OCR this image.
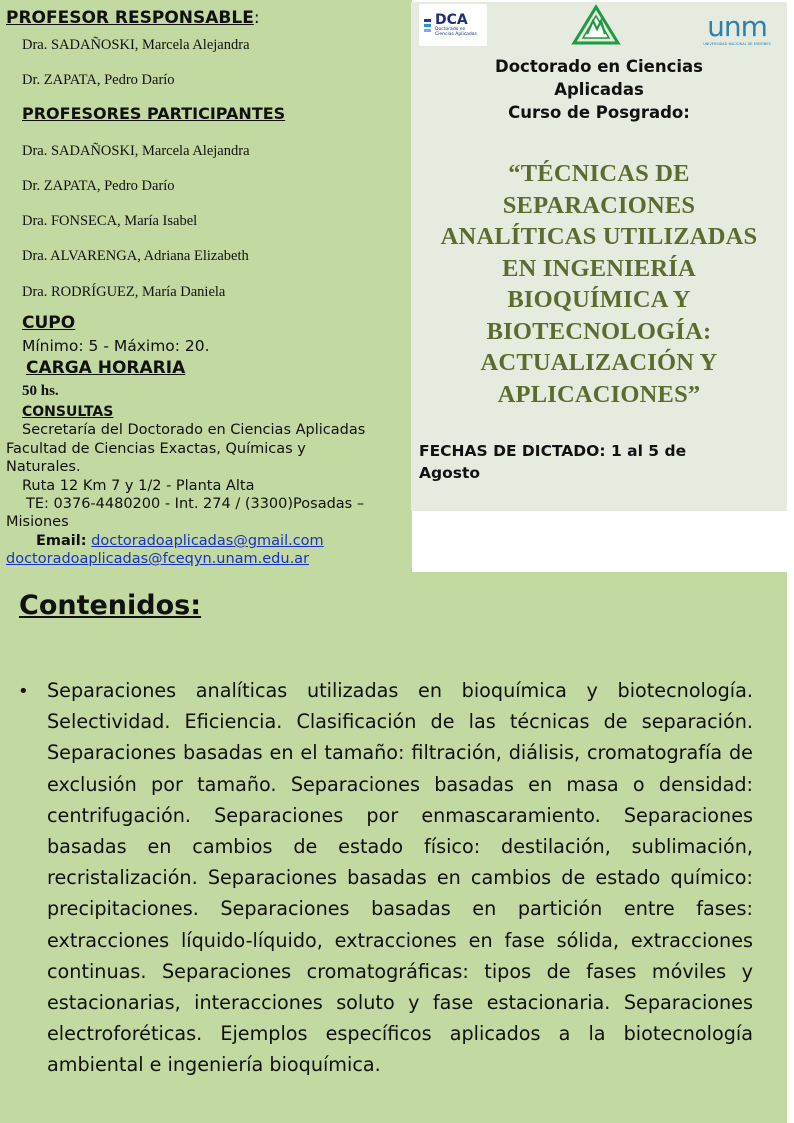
PROFESOR RESPONSABLE:

Dra. SADAÑOSKI, Marcela Alejandra

Dr. ZAPATA, Pedro Darío

PROFESORES PARTICIPANTES

Dra. SADAÑOSKI, Marcela Alejandra

Dr. ZAPATA, Pedro Darío

Dra. FONSECA, María Isabel

Dra. ALVARENGA, Adriana Elizabeth

Dra. RODRÍGUEZ, María Daniela

CUPO

Mínimo: 5 - Máximo: 20.

CARGA HORARIA

50 hs.

CONSULTAS

Secretaría del Doctorado en Ciencias Aplicadas

Facultad de Ciencias Exactas, Químicas y

Naturales.

Ruta 12 Km 7 y 1/2 - Planta Alta

TE: 0376-4480200 - Int. 274 / (3300)Posadas –

Misiones

Email: doctoradoaplicadas@gmail.com

doctoradoaplicadas@fceqyn.unam.edu.ar

DCA
Doctorado en
Ciencias Aplicadas	unm
UNIVERSIDAD NACIONAL DE MISIONES

Doctorado en Ciencias

Aplicadas

Curso de Posgrado:

“TÉCNICAS DE
SEPARACIONES
ANALÍTICAS UTILIZADAS
EN INGENIERÍA
BIOQUÍMICA Y
BIOTECNOLOGÍA:
ACTUALIZACIÓN Y
APLICACIONES”

FECHAS DE DICTADO: 1 al 5 de

Agosto

Contenidos:

• Separaciones analíticas utilizadas en bioquímica y biotecnología. Selectividad. Eficiencia. Clasificación de las técnicas de separación. Separaciones basadas en el tamaño: filtración, diálisis, cromatografía de exclusión por tamaño. Separaciones basadas en masa o densidad: centrifugación. Separaciones por enmascaramiento. Separaciones basadas en cambios de estado físico: destilación, sublimación, recristalización. Separaciones basadas en cambios de estado químico: precipitaciones. Separaciones basadas en partición entre fases: extracciones líquido-líquido, extracciones en fase sólida, extracciones continuas. Separaciones cromatográficas: tipos de fases móviles y estacionarias, interacciones soluto y fase estacionaria. Separaciones electroforéticas. Ejemplos específicos aplicados a la biotecnología ambiental e ingeniería bioquímica.
